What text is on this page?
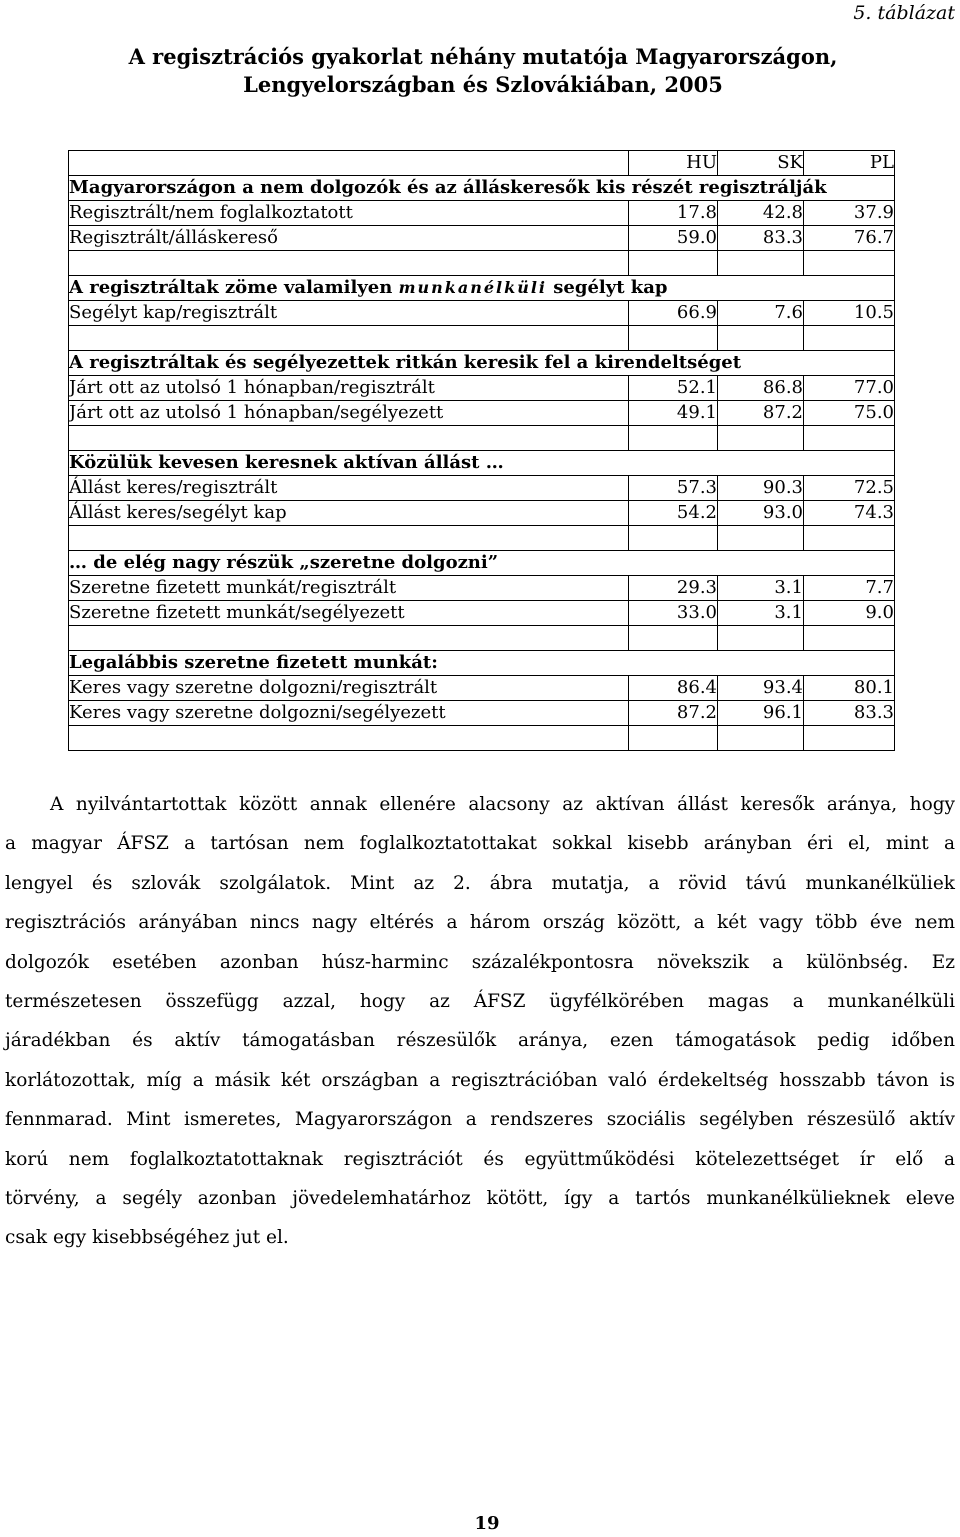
5. táblázat
A regisztrációs gyakorlat néhány mutatója Magyarországon,
Lengyelországban és Szlovákiában, 2005
	HU	SK	PL
Magyarországon a nem dolgozók és az álláskeresők kis részét regisztrálják			
Regisztrált/nem foglalkoztatott	17.8	42.8	37.9
Regisztrált/álláskereső	59.0	83.3	76.7

A regisztráltak zöme valamilyen munkanélküli segélyt kap			
Segélyt kap/regisztrált	66.9	7.6	10.5

A regisztráltak és segélyezettek ritkán keresik fel a kirendeltséget			
Járt ott az utolsó 1 hónapban/regisztrált	52.1	86.8	77.0
Járt ott az utolsó 1 hónapban/segélyezett	49.1	87.2	75.0

Közülük kevesen keresnek aktívan állást …			
Állást keres/regisztrált	57.3	90.3	72.5
Állást keres/segélyt kap	54.2	93.0	74.3

… de elég nagy részük „szeretne dolgozni”			
Szeretne fizetett munkát/regisztrált	29.3	3.1	7.7
Szeretne fizetett munkát/segélyezett	33.0	3.1	9.0

Legalábbis szeretne fizetett munkát:			
Keres vagy szeretne dolgozni/regisztrált	86.4	93.4	80.1
Keres vagy szeretne dolgozni/segélyezett	87.2	96.1	83.3

A nyilvántartottak között annak ellenére alacsony az aktívan állást keresők aránya, hogy
a magyar ÁFSZ a tartósan nem foglalkoztatottakat sokkal kisebb arányban éri el, mint a
lengyel és szlovák szolgálatok. Mint az 2. ábra mutatja, a rövid távú munkanélküliek
regisztrációs arányában nincs nagy eltérés a három ország között, a két vagy több éve nem
dolgozók esetében azonban húsz-harminc százalékpontosra növekszik a különbség. Ez
természetesen összefügg azzal, hogy az ÁFSZ ügyfélkörében magas a munkanélküli
járadékban és aktív támogatásban részesülők aránya, ezen támogatások pedig időben
korlátozottak, míg a másik két országban a regisztrációban való érdekeltség hosszabb távon is
fennmarad. Mint ismeretes, Magyarországon a rendszeres szociális segélyben részesülő aktív
korú nem foglalkoztatottaknak regisztrációt és együttműködési kötelezettséget ír elő a
törvény, a segély azonban jövedelemhatárhoz kötött, így a tartós munkanélkülieknek eleve
csak egy kisebbségéhez jut el.
19
